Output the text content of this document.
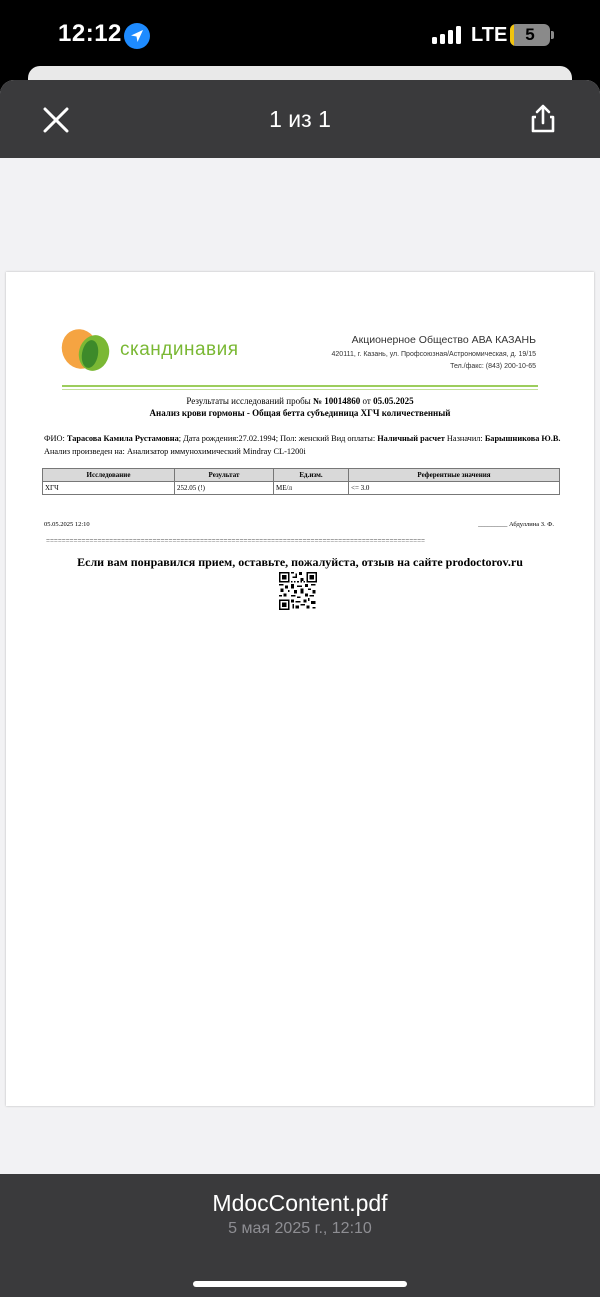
12:12	LTE	5
1 из 1
скандинавия	Акционерное Общество АВА КАЗАНЬ
420111, г. Казань, ул. Профсоюзная/Астрономическая, д. 19/15
Тел./факс: (843) 200-10-65
Результаты исследований пробы № 10014860 от 05.05.2025
Анализ крови гормоны - Общая бетта субъединица ХГЧ количественный
ФИО: Тарасова Камила Рустамовна; Дата рождения:27.02.1994; Пол: женский Вид оплаты: Наличный расчет Назначил: Барышникова Ю.В. Анализ произведен на: Анализатор иммунохимический Mindray CL-1200i
Исследование	Результат	Ед.изм.	Референтные значения
ХГЧ	252.05 (!)	МЕ/л	<= 3.0
05.05.2025 12:10	_________ Абдуллина З. Ф.
================================================================================================
Если вам понравился прием, оставьте, пожалуйста, отзыв на сайте prodoctorov.ru
MdocContent.pdf
5 мая 2025 г., 12:10
